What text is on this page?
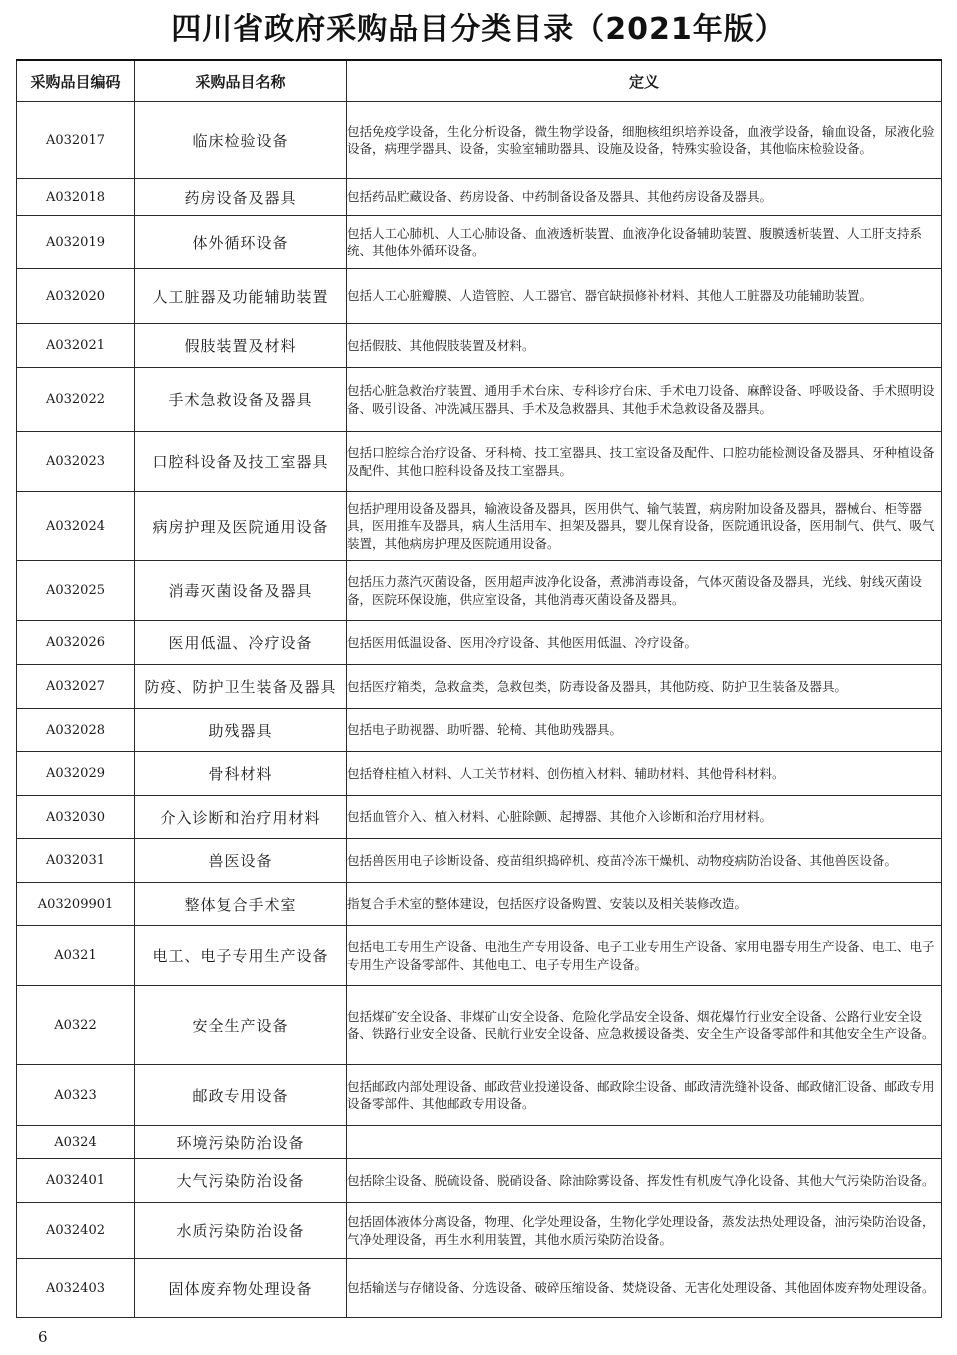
四川省政府采购品目分类目录（2021年版）
采购品目编码	采购品目名称	定义
A032017	临床检验设备	包括免疫学设备，生化分析设备，微生物学设备，细胞核组织培养设备，血液学设备，输血设备，尿液化验设备，病理学器具、设备，实验室辅助器具、设施及设备，特殊实验设备，其他临床检验设备。
A032018	药房设备及器具	包括药品贮藏设备、药房设备、中药制备设备及器具、其他药房设备及器具。
A032019	体外循环设备	包括人工心肺机、人工心肺设备、血液透析装置、血液净化设备辅助装置、腹膜透析装置、人工肝支持系统、其他体外循环设备。
A032020	人工脏器及功能辅助装置	包括人工心脏瓣膜、人造管腔、人工器官、器官缺损修补材料、其他人工脏器及功能辅助装置。
A032021	假肢装置及材料	包括假肢、其他假肢装置及材料。
A032022	手术急救设备及器具	包括心脏急救治疗装置、通用手术台床、专科诊疗台床、手术电刀设备、麻醉设备、呼吸设备、手术照明设备、吸引设备、冲洗减压器具、手术及急救器具、其他手术急救设备及器具。
A032023	口腔科设备及技工室器具	包括口腔综合治疗设备、牙科椅、技工室器具、技工室设备及配件、口腔功能检测设备及器具、牙种植设备及配件、其他口腔科设备及技工室器具。
A032024	病房护理及医院通用设备	包括护理用设备及器具，输液设备及器具，医用供气、输气装置，病房附加设备及器具，器械台、柜等器具，医用推车及器具，病人生活用车、担架及器具，婴儿保育设备，医院通讯设备，医用制气、供气、吸气装置，其他病房护理及医院通用设备。
A032025	消毒灭菌设备及器具	包括压力蒸汽灭菌设备，医用超声波净化设备，煮沸消毒设备，气体灭菌设备及器具，光线、射线灭菌设备，医院环保设施，供应室设备，其他消毒灭菌设备及器具。
A032026	医用低温、冷疗设备	包括医用低温设备、医用冷疗设备、其他医用低温、冷疗设备。
A032027	防疫、防护卫生装备及器具	包括医疗箱类，急救盒类，急救包类，防毒设备及器具，其他防疫、防护卫生装备及器具。
A032028	助残器具	包括电子助视器、助听器、轮椅、其他助残器具。
A032029	骨科材料	包括脊柱植入材料、人工关节材料、创伤植入材料、辅助材料、其他骨科材料。
A032030	介入诊断和治疗用材料	包括血管介入、植入材料、心脏除颤、起搏器、其他介入诊断和治疗用材料。
A032031	兽医设备	包括兽医用电子诊断设备、疫苗组织捣碎机、疫苗冷冻干燥机、动物疫病防治设备、其他兽医设备。
A03209901	整体复合手术室	指复合手术室的整体建设，包括医疗设备购置、安装以及相关装修改造。
A0321	电工、电子专用生产设备	包括电工专用生产设备、电池生产专用设备、电子工业专用生产设备、家用电器专用生产设备、电工、电子专用生产设备零部件、其他电工、电子专用生产设备。
A0322	安全生产设备	包括煤矿安全设备、非煤矿山安全设备、危险化学品安全设备、烟花爆竹行业安全设备、公路行业安全设备、铁路行业安全设备、民航行业安全设备、应急救援设备类、安全生产设备零部件和其他安全生产设备。
A0323	邮政专用设备	包括邮政内部处理设备、邮政营业投递设备、邮政除尘设备、邮政清洗缝补设备、邮政储汇设备、邮政专用设备零部件、其他邮政专用设备。
A0324	环境污染防治设备	
A032401	大气污染防治设备	包括除尘设备、脱硫设备、脱硝设备、除油除雾设备、挥发性有机废气净化设备、其他大气污染防治设备。
A032402	水质污染防治设备	包括固体液体分离设备，物理、化学处理设备，生物化学处理设备，蒸发法热处理设备，油污染防治设备，气净处理设备，再生水利用装置，其他水质污染防治设备。
A032403	固体废弃物处理设备	包括输送与存储设备、分选设备、破碎压缩设备、焚烧设备、无害化处理设备、其他固体废弃物处理设备。
6
